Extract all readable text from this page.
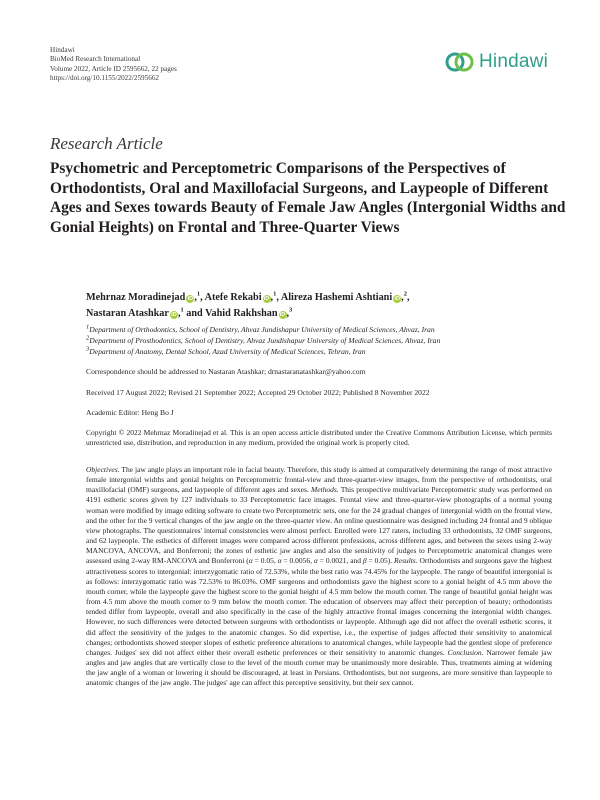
Hindawi
BioMed Research International
Volume 2022, Article ID 2595662, 22 pages
https://doi.org/10.1155/2022/2595662
Hindawi
Research Article
Psychometric and Perceptometric Comparisons of the Perspectives of Orthodontists, Oral and Maxillofacial Surgeons, and Laypeople of Different Ages and Sexes towards Beauty of Female Jaw Angles (Intergonial Widths and Gonial Heights) on Frontal and Three-Quarter Views
Mehrnaz Moradinejad iD,$^1$, Atefe Rekabi iD,$^1$, Alireza Hashemi Ashtiani iD,$^2$,
Nastaran Atashkar iD,$^1$ and Vahid Rakhshan iD,$^3$
$^1$Department of Orthodontics, School of Dentistry, Ahvaz Jundishapur University of Medical Sciences, Ahvaz, Iran
$^2$Department of Prosthodontics, School of Dentistry, Ahvaz Jundishapur University of Medical Sciences, Ahvaz, Iran
$^3$Department of Anatomy, Dental School, Azad University of Medical Sciences, Tehran, Iran
Correspondence should be addressed to Nastaran Atashkar; drnastaranatashkar@yahoo.com
Received 17 August 2022; Revised 21 September 2022; Accepted 29 October 2022; Published 8 November 2022
Academic Editor: Heng Bo J
Copyright © 2022 Mehrnaz Moradinejad et al. This is an open access article distributed under the Creative Commons Attribution License, which permits unrestricted use, distribution, and reproduction in any medium, provided the original work is properly cited.
Objectives. The jaw angle plays an important role in facial beauty. Therefore, this study is aimed at comparatively determining the range of most attractive female intergonial widths and gonial heights on Perceptometric frontal-view and three-quarter-view images, from the perspective of orthodontists, oral maxillofacial (OMF) surgeons, and laypeople of different ages and sexes. Methods. This prospective multivariate Perceptometric study was performed on 4191 esthetic scores given by 127 individuals to 33 Perceptometric face images. Frontal view and three-quarter-view photographs of a normal young woman were modified by image editing software to create two Perceptometric sets, one for the 24 gradual changes of intergonial width on the frontal view, and the other for the 9 vertical changes of the jaw angle on the three-quarter view. An online questionnaire was designed including 24 frontal and 9 oblique view photographs. The questionnaires' internal consistencies were almost perfect. Enrolled were 127 raters, including 33 orthodontists, 32 OMF surgeons, and 62 laypeople. The esthetics of different images were compared across different professions, across different ages, and between the sexes using 2-way MANCOVA, ANCOVA, and Bonferroni; the zones of esthetic jaw angles and also the sensitivity of judges to Perceptometric anatomical changes were assessed using 2-way RM-ANCOVA and Bonferroni (α = 0.05, α = 0.0056, α = 0.0021, and β = 0.05). Results. Orthodontists and surgeons gave the highest attractiveness scores to intergonial: interzygomatic ratio of 72.53%, while the best ratio was 74.45% for the laypeople. The range of beautiful intergonial is as follows: interzygomatic ratio was 72.53% to 86.03%. OMF surgeons and orthodontists gave the highest score to a gonial height of 4.5 mm above the mouth corner, while the laypeople gave the highest score to the gonial height of 4.5 mm below the mouth corner. The range of beautiful gonial height was from 4.5 mm above the mouth corner to 9 mm below the mouth corner. The education of observers may affect their perception of beauty; orthodontists tended differ from laypeople, overall and also specifically in the case of the highly attractive frontal images concerning the intergonial width changes. However, no such differences were detected between surgeons with orthodontists or laypeople. Although age did not affect the overall esthetic scores, it did affect the sensitivity of the judges to the anatomic changes. So did expertise, i.e., the expertise of judges affected their sensitivity to anatomical changes; orthodontists showed steeper slopes of esthetic preference alterations to anatomical changes, while laypeople had the gentlest slope of preference changes. Judges' sex did not affect either their overall esthetic preferences or their sensitivity to anatomic changes. Conclusion. Narrower female jaw angles and jaw angles that are vertically close to the level of the mouth corner may be unanimously more desirable. Thus, treatments aiming at widening the jaw angle of a woman or lowering it should be discouraged, at least in Persians. Orthodontists, but not surgeons, are more sensitive than laypeople to anatomic changes of the jaw angle. The judges' age can affect this perceptive sensitivity, but their sex cannot.
